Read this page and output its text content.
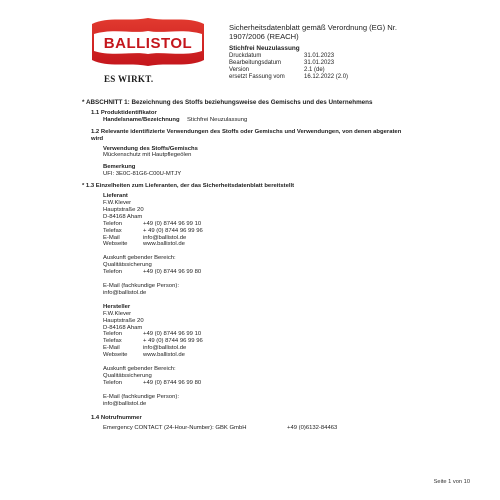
BALLISTOL
ES WIRKT.
Sicherheitsdatenblatt gemäß Verordnung (EG) Nr.
1907/2006 (REACH)
Stichfrei Neuzulassung
Druckdatum	31.01.2023
Bearbeitungsdatum	31.01.2023
Version	2.1 (de)
ersetzt Fassung vom	16.12.2022 (2.0)
* ABSCHNITT 1: Bezeichnung des Stoffs beziehungsweise des Gemischs und des Unternehmens
1.1 Produktidentifikator
Handelsname/Bezeichnung	Stichfrei Neuzulassung
1.2 Relevante identifizierte Verwendungen des Stoffs oder Gemischs und Verwendungen, von denen abgeraten
wird
Verwendung des Stoffs/Gemischs
Mückenschutz mit Hautpflegeölen
Bemerkung
UFI: 3E0C-81G6-C00U-MTJY
* 1.3 Einzelheiten zum Lieferanten, der das Sicherheitsdatenblatt bereitstellt
Lieferant
F.W.Klever
Hauptstraße 20
D-84168 Aham
Telefon	+49 (0) 8744 96 99 10
Telefax	+ 49 (0) 8744 96 99 96
E-Mail	info@ballistol.de
Webseite	www.ballistol.de
Auskunft gebender Bereich:
Qualitätssicherung
Telefon	+49 (0) 8744 96 99 80
E-Mail (fachkundige Person):
info@ballistol.de
Hersteller
F.W.Klever
Hauptstraße 20
D-84168 Aham
Telefon	+49 (0) 8744 96 99 10
Telefax	+ 49 (0) 8744 96 99 96
E-Mail	info@ballistol.de
Webseite	www.ballistol.de
Auskunft gebender Bereich:
Qualitätssicherung
Telefon	+49 (0) 8744 96 99 80
E-Mail (fachkundige Person):
info@ballistol.de
1.4 Notrufnummer
Emergency CONTACT (24-Hour-Number): GBK GmbH	+49 (0)6132-84463
Seite 1 von 10
